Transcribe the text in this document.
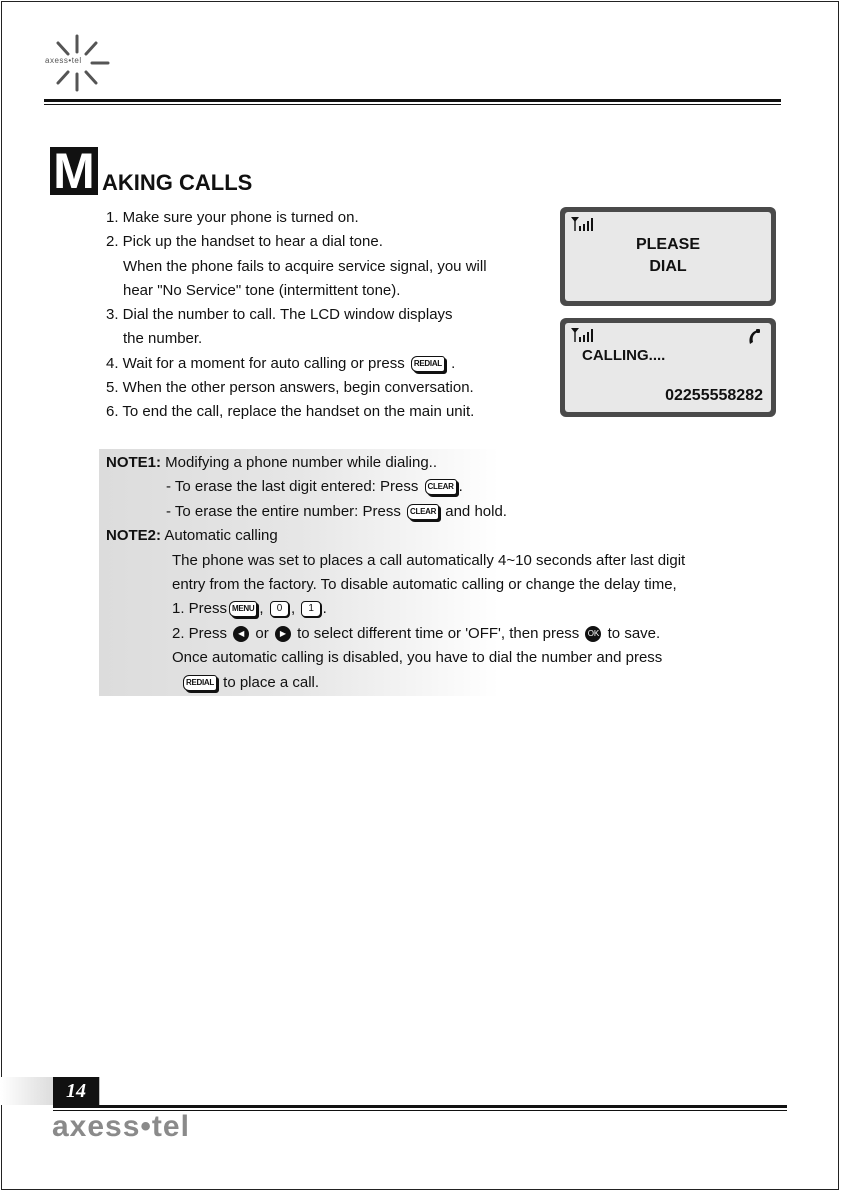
axess•tel
M AKING CALLS
1. Make sure your phone is turned on.
2. Pick up the handset to hear a dial tone.
When the phone fails to acquire service signal, you will
hear "No Service" tone (intermittent tone).
3. Dial the number to call. The LCD window displays
the number.
4. Wait for a moment for auto calling or press REDIAL .
5. When the other person answers, begin conversation.
6. To end the call, replace the handset on the main unit.
PLEASE
DIAL
CALLING....
02255558282
NOTE1: Modifying a phone number while dialing..
- To erase the last digit entered: Press CLEAR .
- To erase the entire number: Press CLEAR and hold.
NOTE2: Automatic calling
The phone was set to places a call automatically 4~10 seconds after last digit
entry from the factory. To disable automatic calling or change the delay time,
1. Press MENU , 0 , 1 .
2. Press ◀ or ▶ to select different time or 'OFF', then press OK to save.
Once automatic calling is disabled, you have to dial the number and press
REDIAL to place a call.
14
axess•tel
